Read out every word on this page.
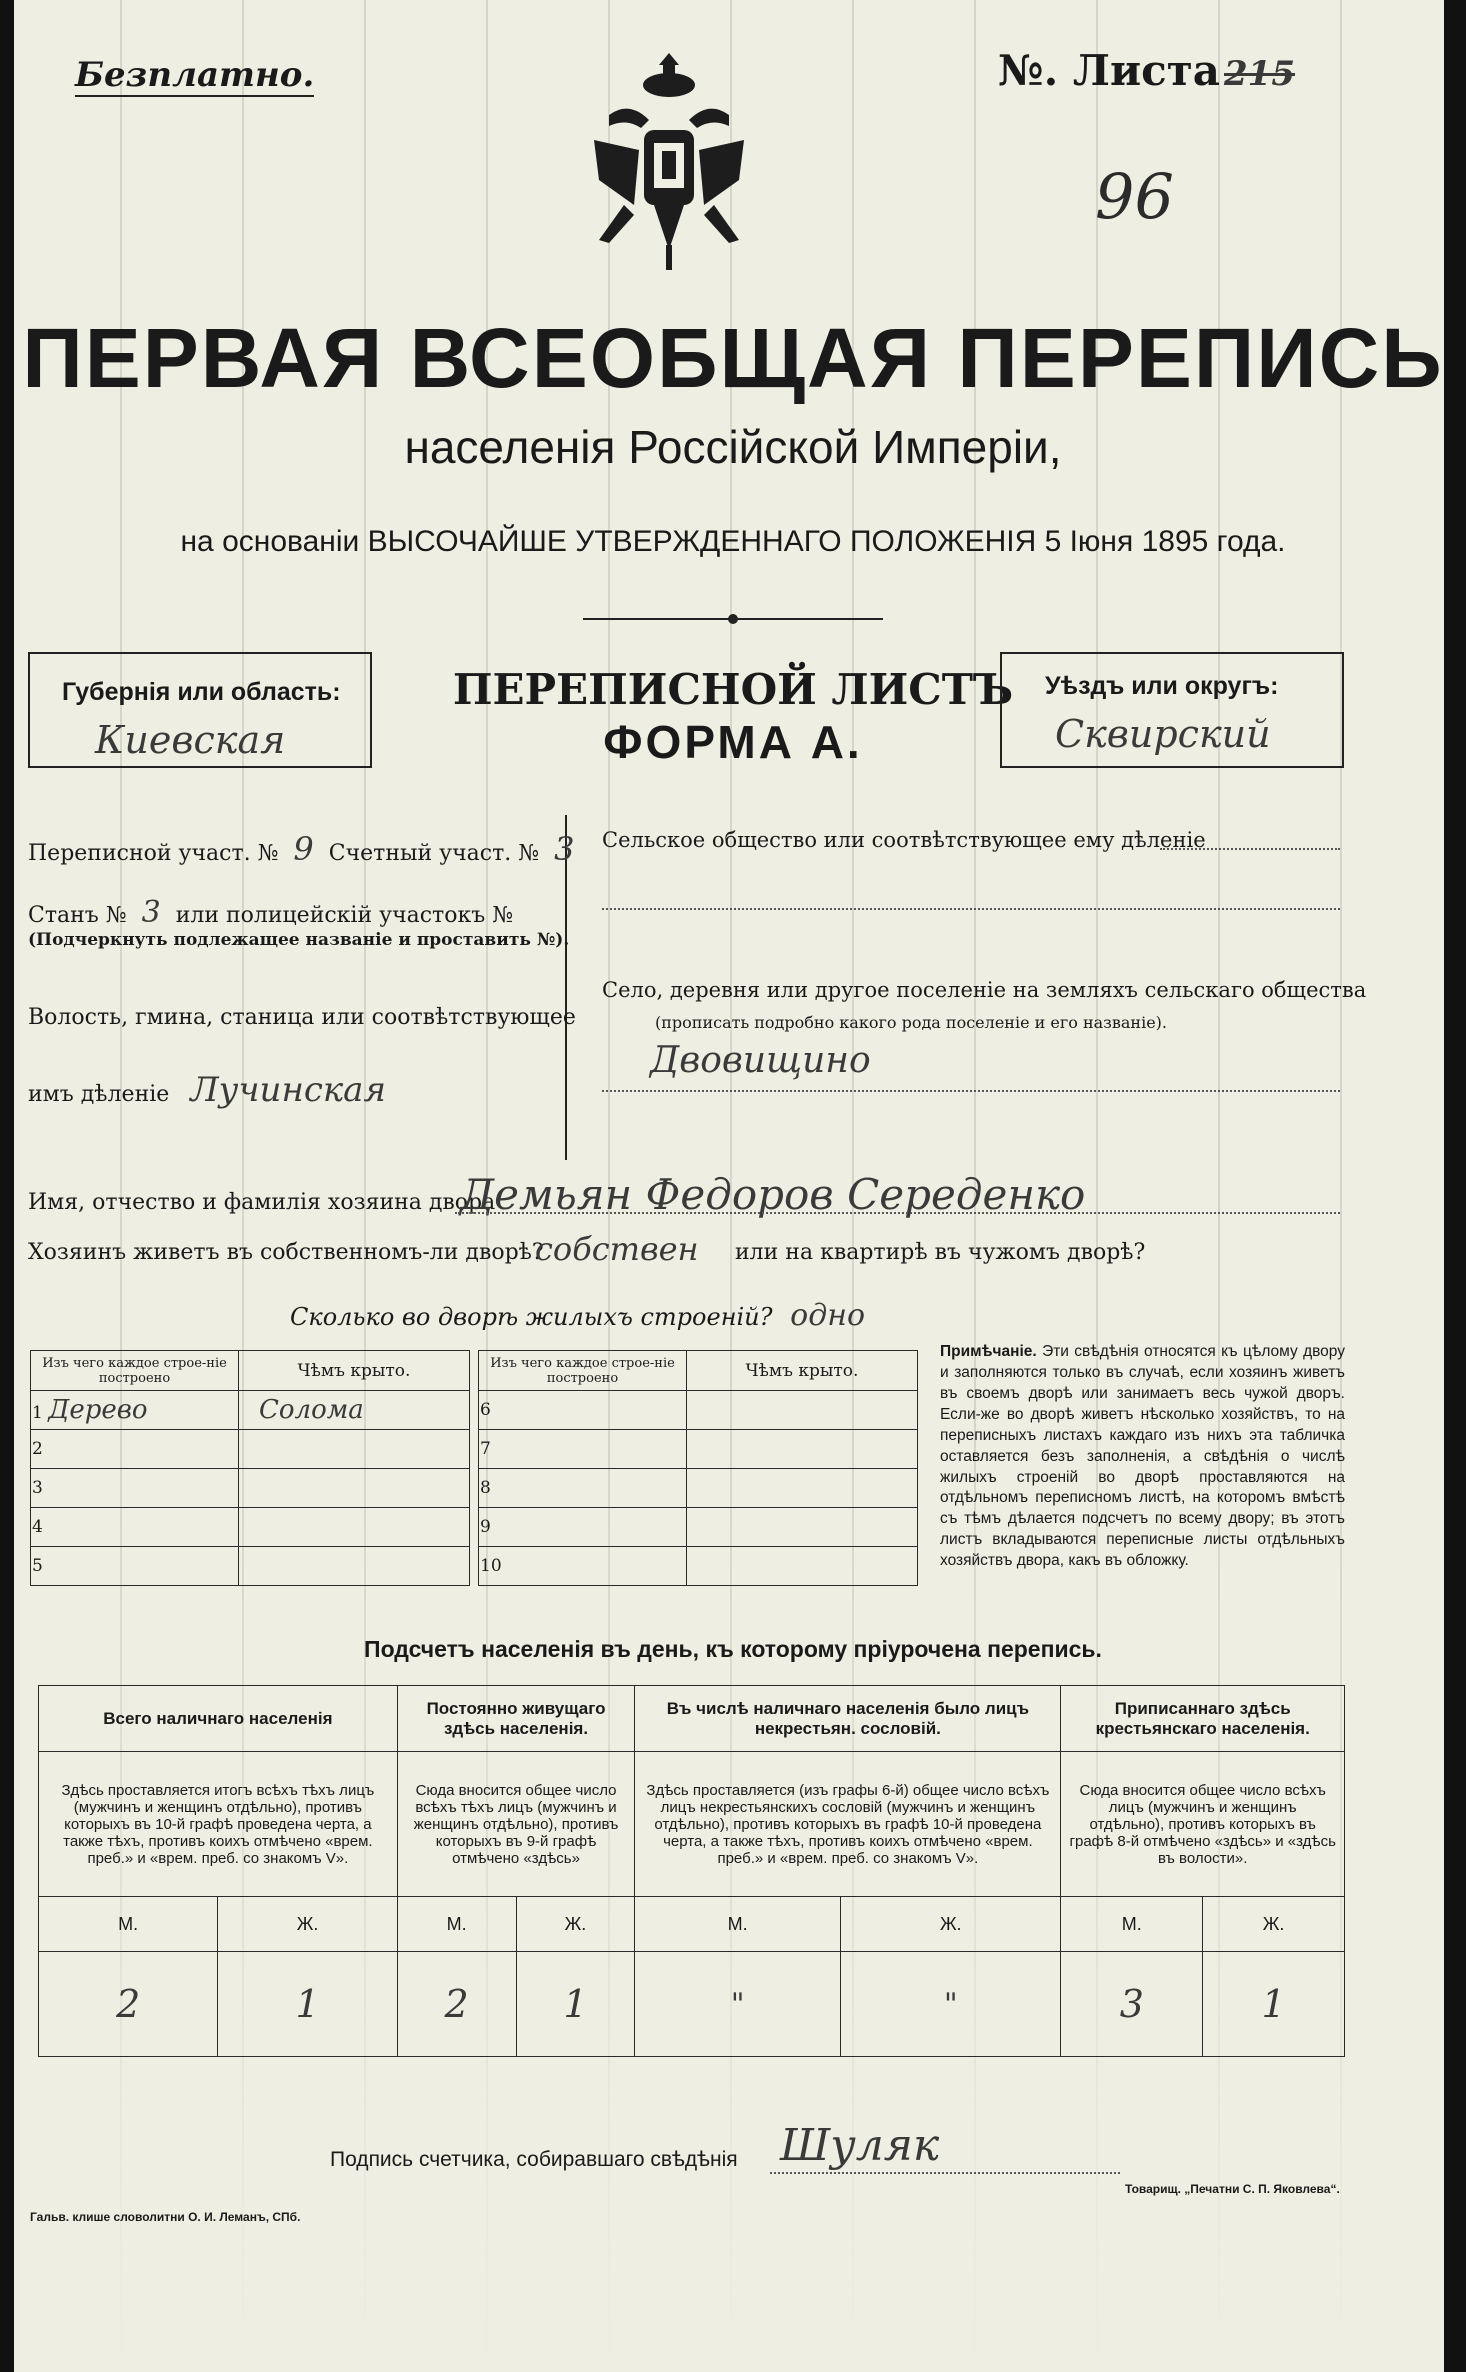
Безплатно.	№. Листа 215
96
ПЕРВАЯ ВСЕОБЩАЯ ПЕРЕПИСЬ
населенія Россійской Имперіи,
на основаніи ВЫСОЧАЙШЕ УТВЕРЖДЕННАГО ПОЛОЖЕНІЯ 5 Іюня 1895 года.
Губернія или область:
Киевская
ПЕРЕПИСНОЙ ЛИСТЪ
ФОРМА А.
Уѣздъ или округъ:
Сквирский
Переписной участ. № 9 Счетный участ. № 3
Станъ № 3 или полицейскій участокъ №
(Подчеркнуть подлежащее названіе и проставить №).
Волость, гмина, станица или соотвѣтствующее
имъ дѣленіе Лучинская
Сельское общество или соотвѣтствующее ему дѣленіе
Село, деревня или другое поселеніе на земляхъ сельскаго общества
(прописать подробно какого рода поселеніе и его названіе).
Двовищино
Имя, отчество и фамилія хозяина двора
Демьян Федоров Середенко
Хозяинъ живетъ въ собственномъ-ли дворѣ?
собствен или на квартирѣ въ чужомъ дворѣ?
Сколько во дворѣ жилыхъ строеній? одно
Изъ чего каждое строе-ніе построено	Чѣмъ крыто.
1 Дерево	Солома
2	
3	
4	
5	
Изъ чего каждое строе-ніе построено	Чѣмъ крыто.
6	
7	
8	
9	
10	

Примѣчаніе. Эти свѣдѣнія относятся къ цѣлому двору и заполняются только въ случаѣ, если хозяинъ живетъ въ своемъ дворѣ или занимаетъ весь чужой дворъ. Если-же во дворѣ живетъ нѣсколько хозяйствъ, то на переписныхъ листахъ каждаго изъ нихъ эта табличка оставляется безъ заполненія, а свѣдѣнія о числѣ жилыхъ строеній во дворѣ проставляются на отдѣльномъ переписномъ листѣ, на которомъ вмѣстѣ съ тѣмъ дѣлается подсчетъ по всему двору; въ этотъ листъ вкладываются переписные листы отдѣльныхъ хозяйствъ двора, какъ въ обложку.

Подсчетъ населенія въ день, къ которому пріурочена перепись.
Всего наличнаго населенія		Постоянно живущаго здѣсь населенія.		Въ числѣ наличнаго населенія было лицъ некрестьян. сословій.		Приписаннаго здѣсь крестьянскаго населенія.	
Здѣсь проставляется итогъ всѣхъ тѣхъ лицъ (мужчинъ и женщинъ отдѣльно), противъ которыхъ въ 10-й графѣ проведена черта, а также тѣхъ, противъ коихъ отмѣчено «врем. преб.» и «врем. преб. со знакомъ V».		Сюда вносится общее число всѣхъ тѣхъ лицъ (мужчинъ и женщинъ отдѣльно), противъ которыхъ въ 9-й графѣ отмѣчено «здѣсь»		Здѣсь проставляется (изъ графы 6-й) общее число всѣхъ лицъ некрестьянскихъ сословій (мужчинъ и женщинъ отдѣльно), противъ которыхъ въ графѣ 10-й проведена черта, а также тѣхъ, противъ коихъ отмѣчено «врем. преб.» и «врем. преб. со знакомъ V».		Сюда вносится общее число всѣхъ лицъ (мужчинъ и женщинъ отдѣльно), противъ которыхъ въ графѣ 8-й отмѣчено «здѣсь» и «здѣсь въ волости».	
М.	Ж.	М.	Ж.	М.	Ж.	М.	Ж.
2	1	2	1	"	"	3	1
Подпись счетчика, собиравшаго свѣдѣнія Шуляк
Гальв. клише словолитни О. И. Леманъ, СПб.
Товарищ. „Печатни С. П. Яковлева“.
